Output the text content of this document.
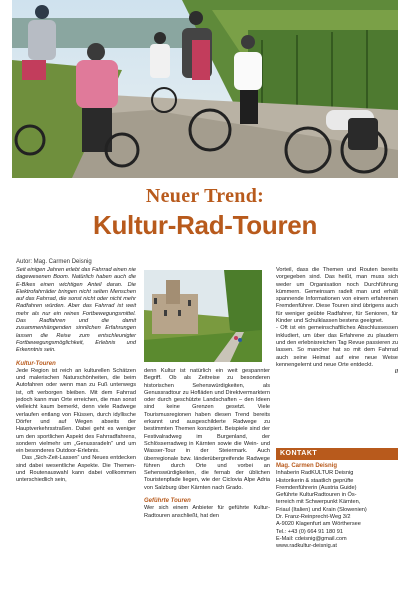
Neuer Trend:
Kultur-Rad-Touren
Autor: Mag. Carmen Deisnig

Seit einigen Jahren erlebt das Fahrrad einen nie dagewesenen Boom. Natürlich haben auch die E-Bikes einen wichtigen Anteil daran. Die Elektrofahrräder bringen nicht selten Menschen auf das Fahrrad, die sonst nicht oder nicht mehr Radfahren würden. Aber das Fahrrad ist weit mehr als nur ein reines Fortbewegungsmittel. Das Radfahren und die damit zusammenhängenden sinnlichen Erfahrungen lassen die Reise zum entschleunigter Fortbewegungsmöglichkeit, Erlebnis und Erkenntnis sein.

Kultur-Touren

Jede Region ist reich an kulturellen Schätzen und malerischen Naturschönheiten, die beim Autofahren oder wenn man zu Fuß unterwegs ist, oft verborgen bleiben. Mit dem Fahrrad jedoch kann man Orte erreichen, die man sonst vielleicht kaum bemerkt, denn viele Radwege verlaufen entlang von Flüssen, durch idyllische Dörfer und auf Wegen abseits der Hauptverkehrsstraßen. Dabei geht es weniger um den sportlichen Aspekt des Fahrradfahrens, sondern vielmehr um „Genussradeln“ und um ein besonderes Outdoor-Erlebnis.

Das „Sich-Zeit-Lassen“ und Neues entdecken sind dabei wesentliche Aspekte. Die Themen- und Routenauswahl kann dabei vollkommen unterschiedlich sein,

denn Kultur ist natürlich ein weit gespannter Begriff. Ob als Zeitreise zu besonderen historischen Sehenswürdigkeiten, als Genussradtour zu Hofläden und Direktvermarktern oder durch geschützte Landschaften – den Ideen sind keine Grenzen gesetzt. Viele Tourismusregionen haben diesen Trend bereits erkannt und ausgeschilderte Radwege zu bestimmten Themen konzipiert. Beispiele sind der Festivalradweg im Burgenland, der Schlösserradweg in Kärnten sowie die Wein- und Wasser-Tour in der Steiermark. Auch überregionale bzw. länderübergreifende Radwege führen durch Orte und vorbei an Sehenswürdigkeiten, die fernab der üblichen Touristenpfade liegen, wie der Ciclovia Alpe Adria von Salzburg über Kärnten nach Grado.

Geführte Touren

Wer sich einem Anbieter für geführte Kultur-Radtouren anschließt, hat den

Vorteil, dass die Themen und Routen bereits vorgegeben sind. Das heißt, man muss sich weder um Organisation noch Durchführung kümmern. Gemeinsam radelt man und erhält spannende Informationen von einem erfahrenen Fremdenführer. Diese Touren sind übrigens auch für weniger geübte Radfahrer, für Senioren, für Kinder und Schulklassen bestens geeignet.

- Oft ist ein gemeinschaftliches Abschlussessen inkludiert, um über das Erfahrene zu plaudern und den erlebnisreichen Tag Revue passieren zu lassen. So mancher hat so mit dem Fahrrad auch seine Heimat auf eine neue Weise kennengelernt und neue Orte entdeckt.

//

KONTAKT
Mag. Carmen Deisnig
Inhaberin RadKULTUR Deisnig
Historikerin & staatlich geprüfte
Fremdenführerin (Austria Guide)
Geführte KulturRadtouren in Ös-
terreich mit Schwerpunkt Kärnten,
Friaul (Italien) und Krain (Slowenien)
Dr. Franz-Reinprecht-Weg 3/2
A-9020 Klagenfurt am Wörthersee
Tel.: +43 (0) 664 91 180 91
E-Mail: cdeisnig@gmail.com
www.radkultur-deisnig.at
